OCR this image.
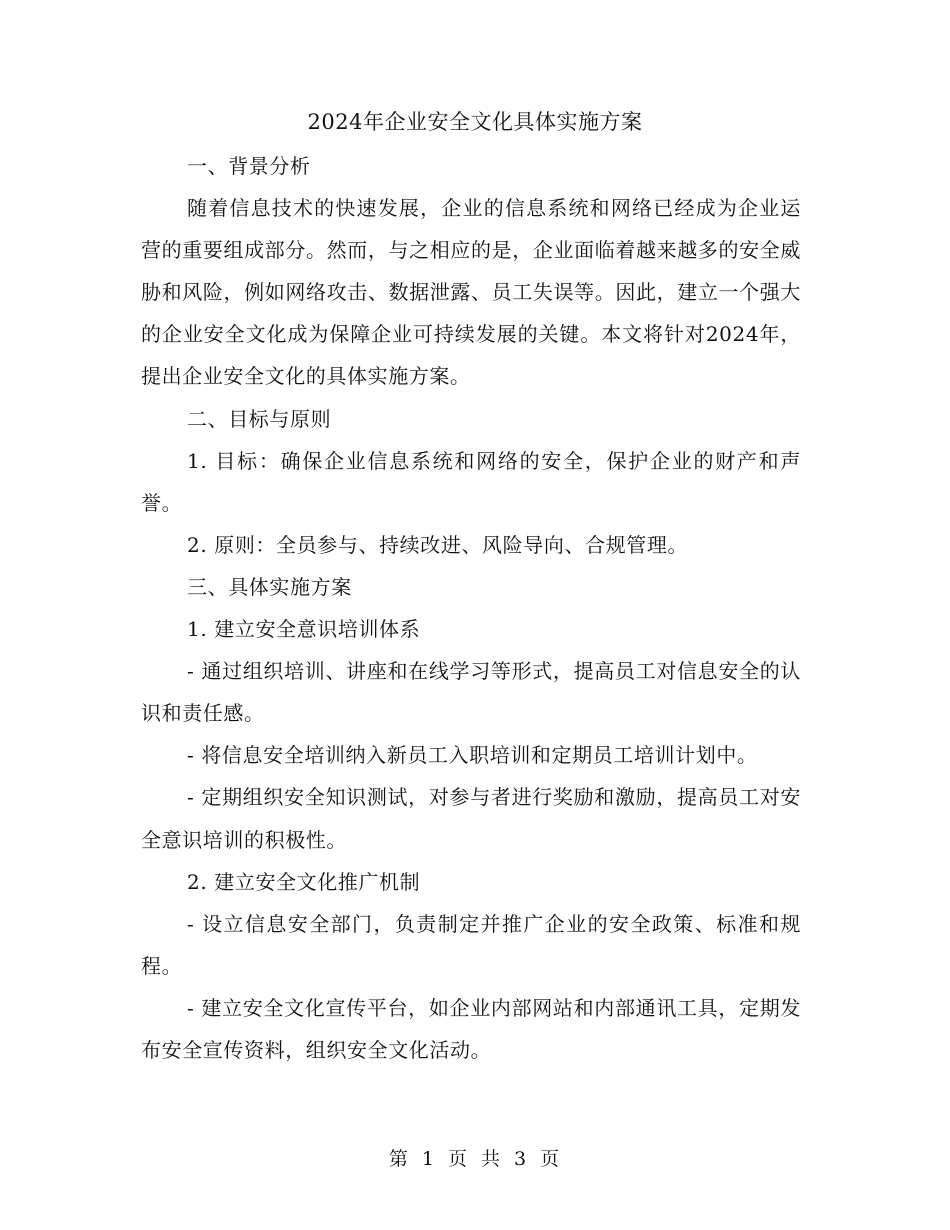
2024年企业安全文化具体实施方案

一、背景分析

随着信息技术的快速发展，企业的信息系统和网络已经成为企业运营的重要组成部分。然而，与之相应的是，企业面临着越来越多的安全威胁和风险，例如网络攻击、数据泄露、员工失误等。因此，建立一个强大的企业安全文化成为保障企业可持续发展的关键。本文将针对2024年，提出企业安全文化的具体实施方案。

二、目标与原则

1. 目标：确保企业信息系统和网络的安全，保护企业的财产和声誉。

2. 原则：全员参与、持续改进、风险导向、合规管理。

三、具体实施方案

1. 建立安全意识培训体系

- 通过组织培训、讲座和在线学习等形式，提高员工对信息安全的认识和责任感。

- 将信息安全培训纳入新员工入职培训和定期员工培训计划中。

- 定期组织安全知识测试，对参与者进行奖励和激励，提高员工对安全意识培训的积极性。

2. 建立安全文化推广机制

- 设立信息安全部门，负责制定并推广企业的安全政策、标准和规程。

- 建立安全文化宣传平台，如企业内部网站和内部通讯工具，定期发布安全宣传资料，组织安全文化活动。

第 1 页 共 3 页
